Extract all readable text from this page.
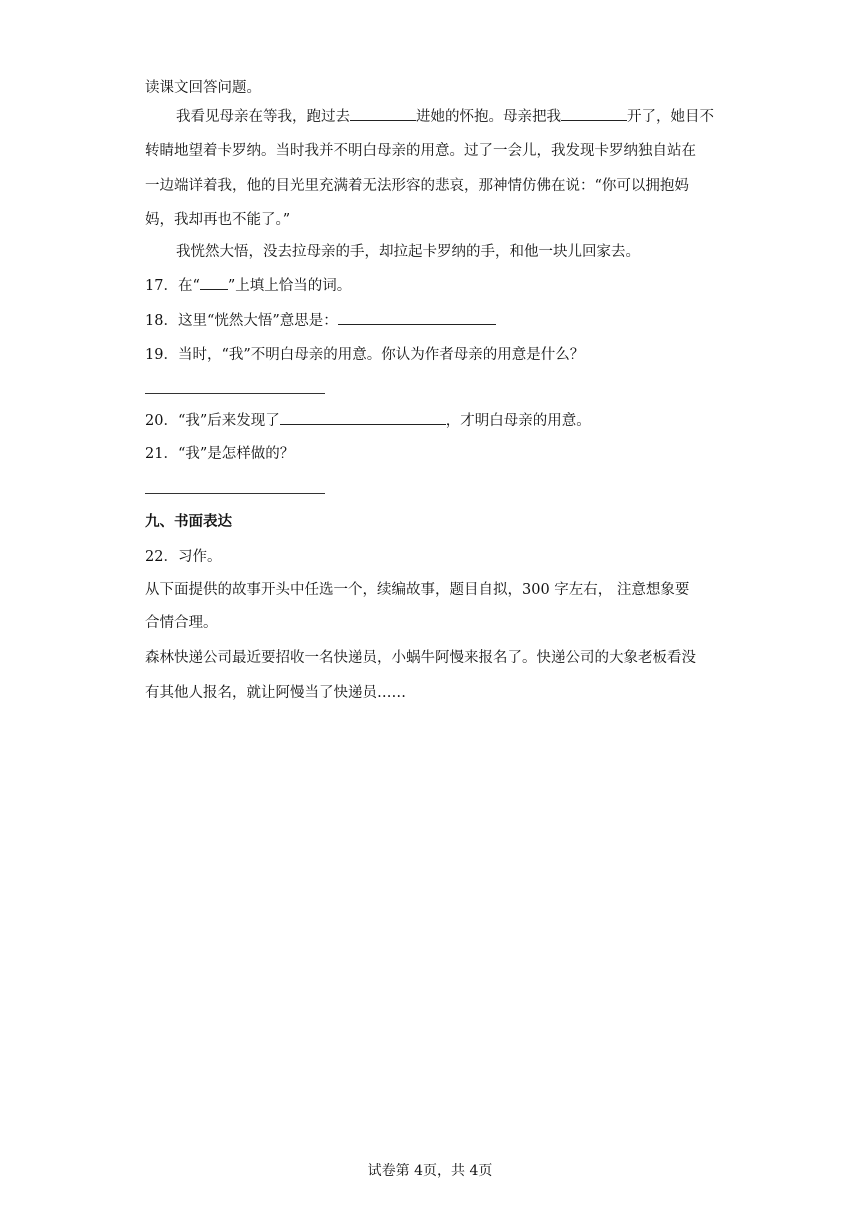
读课文回答问题。
我看见母亲在等我，跑过去	进她的怀抱。母亲把我	开了，她目不
转睛地望着卡罗纳。当时我并不明白母亲的用意。过了一会儿，我发现卡罗纳独自站在
一边端详着我，他的目光里充满着无法形容的悲哀，那神情仿佛在说：“你可以拥抱妈
妈，我却再也不能了。”
我恍然大悟，没去拉母亲的手，却拉起卡罗纳的手，和他一块儿回家去。
17．在“ ”上填上恰当的词。
18．这里“恍然大悟”意思是：
19．当时，“我”不明白母亲的用意。你认为作者母亲的用意是什么？
20．“我”后来发现了	，才明白母亲的用意。
21．“我”是怎样做的？
九、书面表达
22．习作。
从下面提供的故事开头中任选一个，续编故事，题目自拟，300 字左右， 注意想象要
合情合理。
森林快递公司最近要招收一名快递员，小蜗牛阿慢来报名了。快递公司的大象老板看没
有其他人报名，就让阿慢当了快递员……
试卷第 4页，共 4页
